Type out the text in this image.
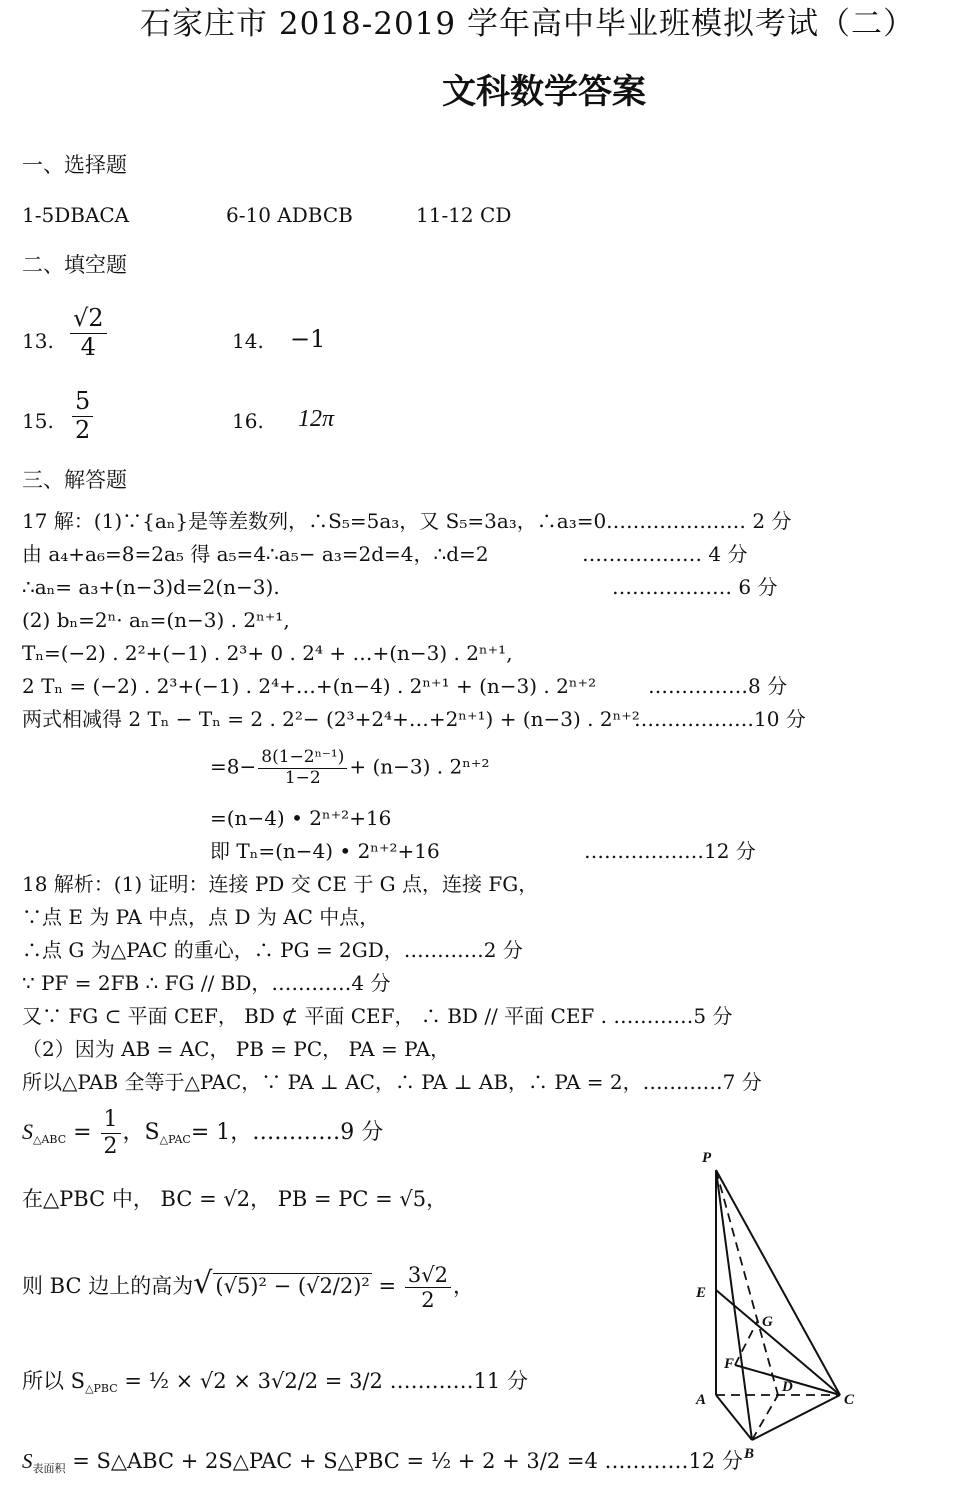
石家庄市 2018-2019 学年高中毕业班模拟考试（二）
文科数学答案
一、选择题
1-5DBACA	6-10 ADBCB	11-12 CD
二、填空题
13. $\frac{√2}{4}$	14. −1
15. $\frac{5}{2}$	16. 12π
三、解答题
17 解：(1)∵{aₙ}是等差数列，∴S₅=5a₃，又 S₅=3a₃，∴a₃=0 ………………… 2 分
由 a₄+a₆=8=2a₅ 得 a₅=4∴a₅− a₃=2d=4，∴d=2	……………… 4 分
∴aₙ= a₃+(n−3)d=2(n−3).	……………… 6 分
(2) bₙ=2ⁿ· aₙ=(n−3) . 2ⁿ⁺¹,
Tₙ=(−2) . 2²+(−1) . 2³+ 0 . 2⁴ + …+(n−3) . 2ⁿ⁺¹,
2 Tₙ = (−2) . 2³+(−1) . 2⁴+…+(n−4) . 2ⁿ⁺¹ + (n−3) . 2ⁿ⁺²	……………8 分
两式相减得 2 Tₙ − Tₙ = 2 . 2²− (2³+2⁴+…+2ⁿ⁺¹) + (n−3) . 2ⁿ⁺²
………………10 分
$=8- \frac{\text{8(1−2ⁿ⁻¹)}}{1-2} + (n-3)$ . 2ⁿ⁺²
=(n−4) • 2ⁿ⁺²+16
即 Tₙ=(n−4) • 2ⁿ⁺²+16	………………12 分
18 解析：(1) 证明：连接 PD 交 CE 于 G 点，连接 FG，
∵点 E 为 PA 中点，点 D 为 AC 中点，
∴点 G 为△PAC 的重心，∴ PG = 2GD，…………2 分
∵ PF = 2FB ∴ FG // BD，…………4 分
又∵ FG ⊂ 平面 CEF， BD ⊄ 平面 CEF， ∴ BD // 平面 CEF . …………5 分
（2）因为 AB = AC， PB = PC， PA = PA，
所以△PAB 全等于△PAC，∵ PA ⊥ AC，∴ PA ⊥ AB，∴ PA = 2，…………7 分
$S_{\triangle ABC} = \frac{1}{2}$ ，$S_{\triangle PAC}= 1$，…………9 分
在△PBC 中， BC = √2， PB = PC = √5，
则 BC 边上的高为√ $(√5)^2 - (√2/2)^2 = \frac{3√2}{2}$ ，
所以 $S_{\triangle PBC}$ = ½ × √2 × 3√2/2 = 3/2 …………11 分
$S_{表面积}$ = S△ABC + 2S△PAC + S△PBC = ½ + 2 + 3/2 =4 …………12 分
P
E
G
F
A
D
C
B
